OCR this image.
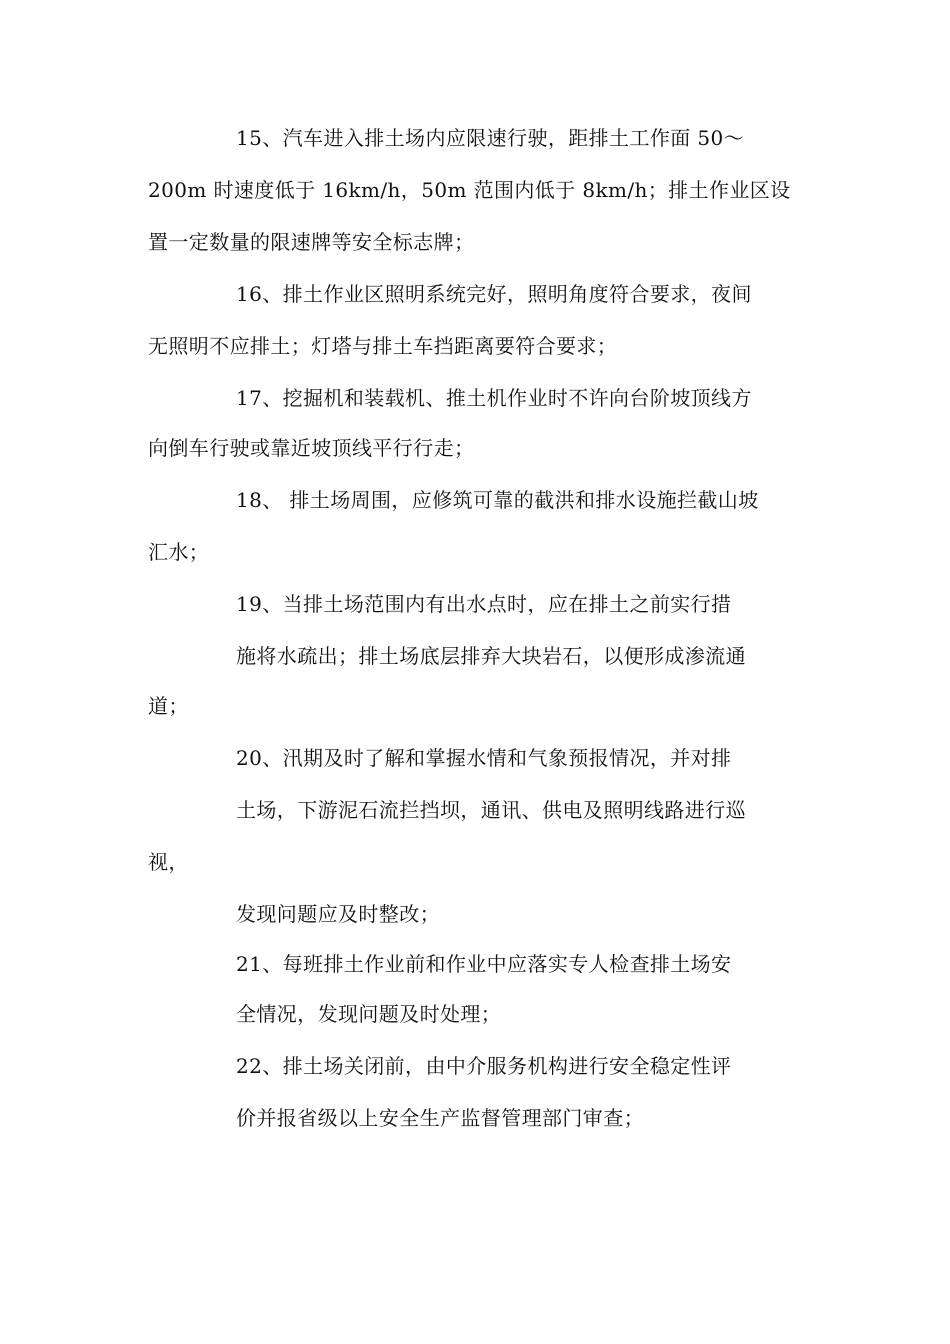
15、汽车进入排土场内应限速行驶，距排土工作面 50～
200m 时速度低于 16km/h，50m 范围内低于 8km/h；排土作业区设
置一定数量的限速牌等安全标志牌；
16、排土作业区照明系统完好，照明角度符合要求，夜间
无照明不应排土；灯塔与排土车挡距离要符合要求；
17、挖掘机和装载机、推土机作业时不许向台阶坡顶线方
向倒车行驶或靠近坡顶线平行行走；
18、 排土场周围，应修筑可靠的截洪和排水设施拦截山坡
汇水；
19、当排土场范围内有出水点时，应在排土之前实行措
施将水疏出；排土场底层排弃大块岩石，以便形成渗流通
道；
20、汛期及时了解和掌握水情和气象预报情况，并对排
土场，下游泥石流拦挡坝，通讯、供电及照明线路进行巡
视，
发现问题应及时整改；
21、每班排土作业前和作业中应落实专人检查排土场安
全情况，发现问题及时处理；
22、排土场关闭前，由中介服务机构进行安全稳定性评
价并报省级以上安全生产监督管理部门审查；
